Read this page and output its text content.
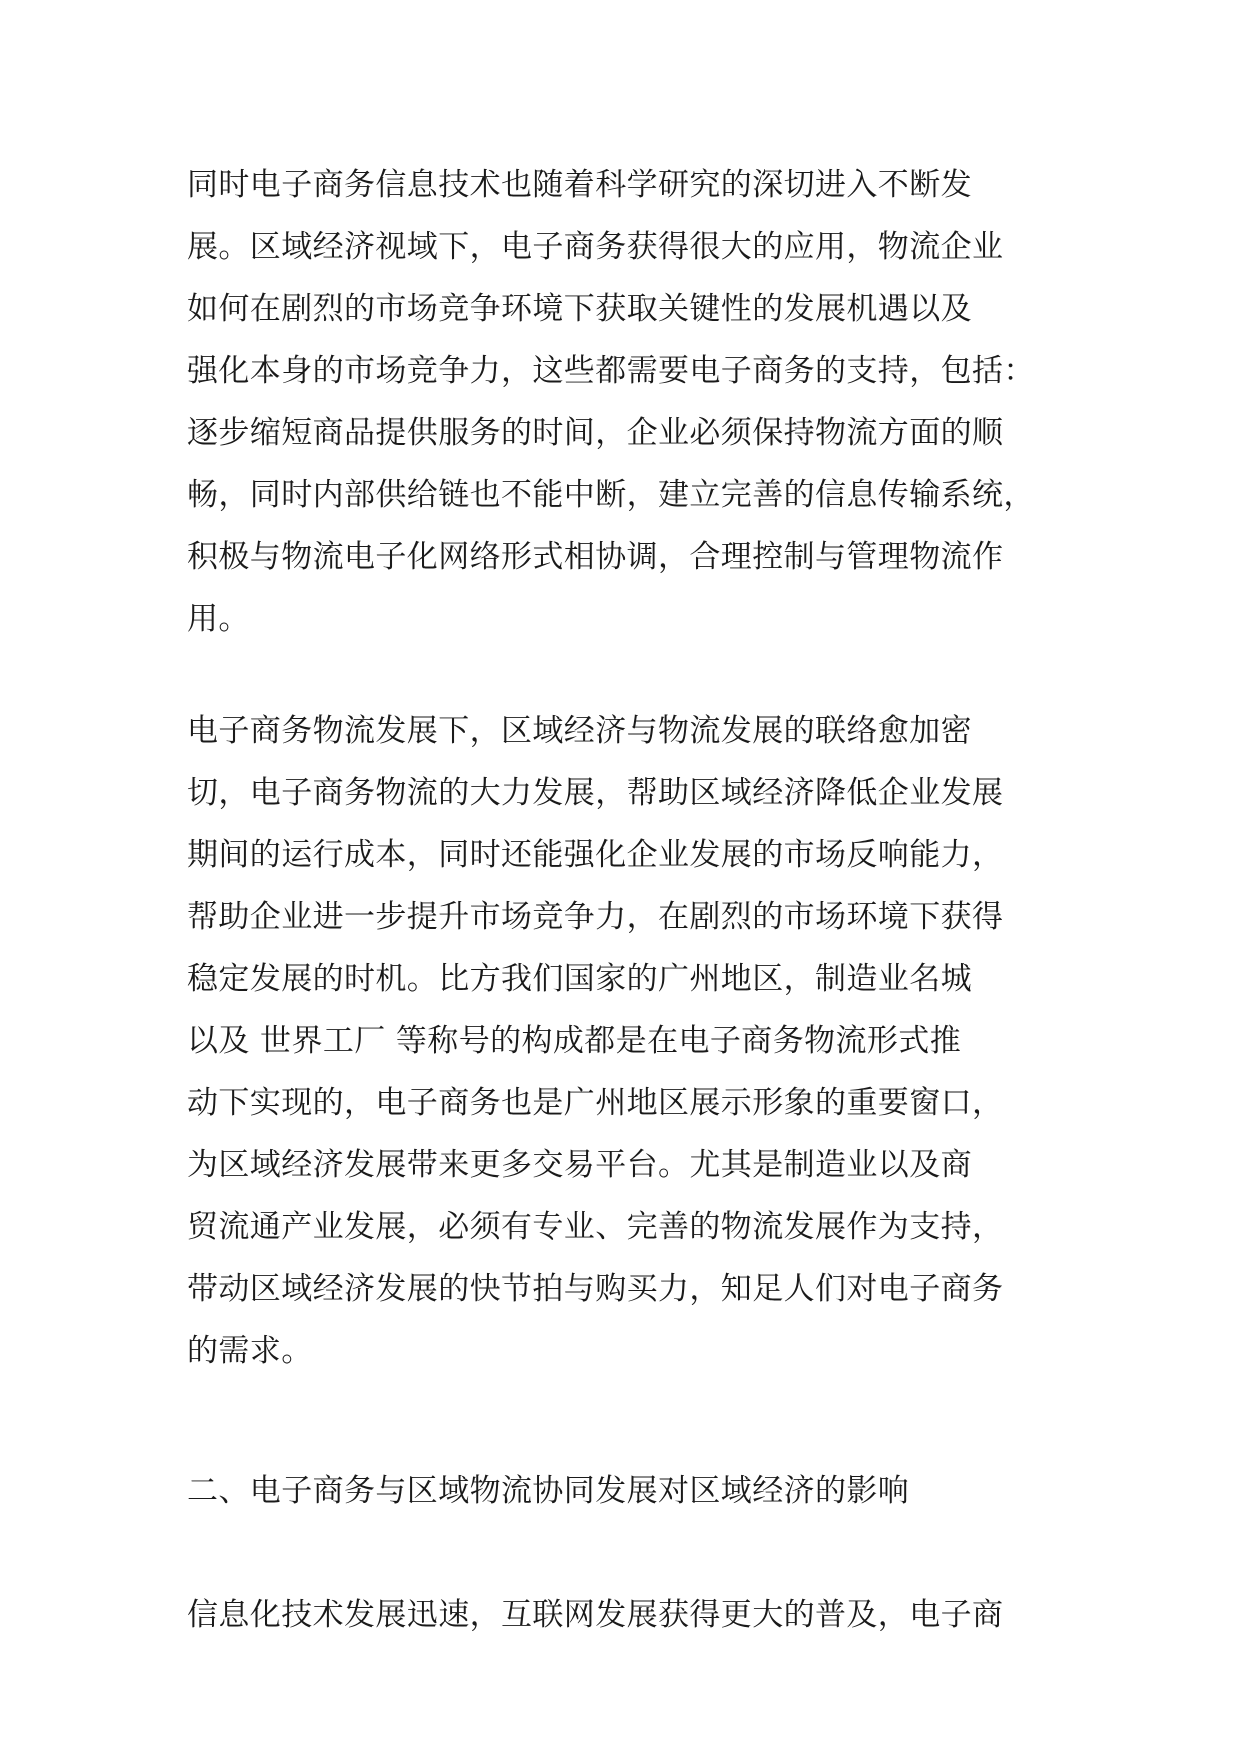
同时电子商务信息技术也随着科学研究的深切进入不断发
展。区域经济视域下，电子商务获得很大的应用，物流企业
如何在剧烈的市场竞争环境下获取关键性的发展机遇以及
强化本身的市场竞争力，这些都需要电子商务的支持，包括：
逐步缩短商品提供服务的时间，企业必须保持物流方面的顺
畅，同时内部供给链也不能中断，建立完善的信息传输系统，
积极与物流电子化网络形式相协调，合理控制与管理物流作
用。
电子商务物流发展下，区域经济与物流发展的联络愈加密
切，电子商务物流的大力发展，帮助区域经济降低企业发展
期间的运行成本，同时还能强化企业发展的市场反响能力，
帮助企业进一步提升市场竞争力，在剧烈的市场环境下获得
稳定发展的时机。比方我们国家的广州地区，制造业名城
以及 世界工厂 等称号的构成都是在电子商务物流形式推
动下实现的，电子商务也是广州地区展示形象的重要窗口，
为区域经济发展带来更多交易平台。尤其是制造业以及商
贸流通产业发展，必须有专业、完善的物流发展作为支持，
带动区域经济发展的快节拍与购买力，知足人们对电子商务
的需求。
二、电子商务与区域物流协同发展对区域经济的影响
信息化技术发展迅速，互联网发展获得更大的普及，电子商
